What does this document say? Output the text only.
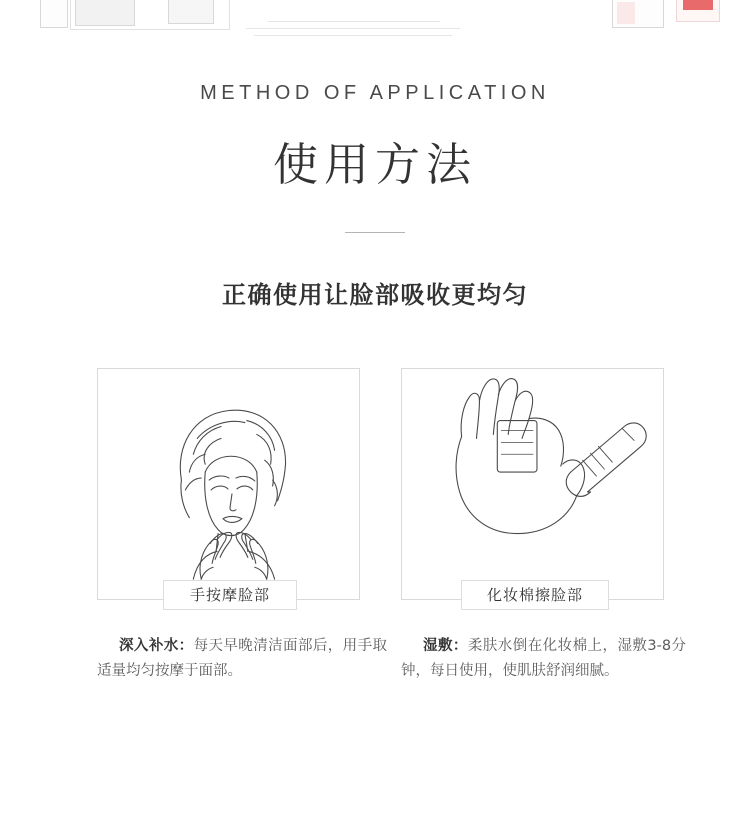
METHOD OF APPLICATION
使用方法
正确使用让脸部吸收更均匀
手按摩脸部	化妆棉擦脸部
深入补水：每天早晚清洁面部后，用手取适量均匀按摩于面部。
湿敷：柔肤水倒在化妆棉上，湿敷3-8分钟，每日使用，使肌肤舒润细腻。
